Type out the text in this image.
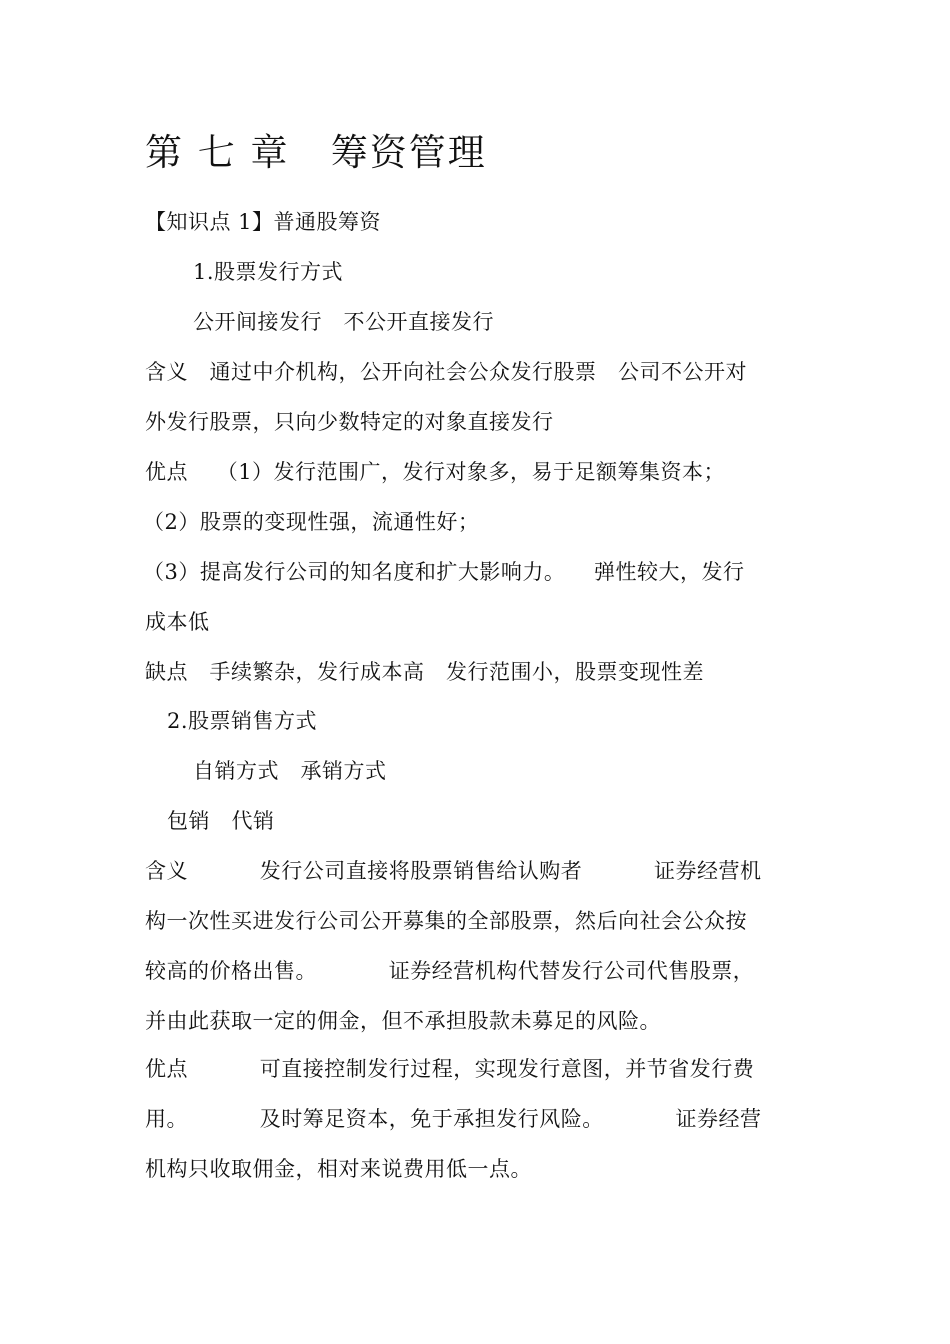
第 七 章   筹资管理
【知识点 1】普通股筹资
1.股票发行方式
公开间接发行   不公开直接发行
含义   通过中介机构，公开向社会公众发行股票   公司不公开对
外发行股票，只向少数特定的对象直接发行
优点    （1）发行范围广，发行对象多，易于足额筹集资本；
（2）股票的变现性强，流通性好；
（3）提高发行公司的知名度和扩大影响力。    弹性较大，发行
成本低
缺点   手续繁杂，发行成本高   发行范围小，股票变现性差
2.股票销售方式
自销方式   承销方式
包销   代销
含义          发行公司直接将股票销售给认购者          证券经营机
构一次性买进发行公司公开募集的全部股票，然后向社会公众按
较高的价格出售。          证券经营机构代替发行公司代售股票，
并由此获取一定的佣金，但不承担股款未募足的风险。
优点          可直接控制发行过程，实现发行意图，并节省发行费
用。          及时筹足资本，免于承担发行风险。          证券经营
机构只收取佣金，相对来说费用低一点。
